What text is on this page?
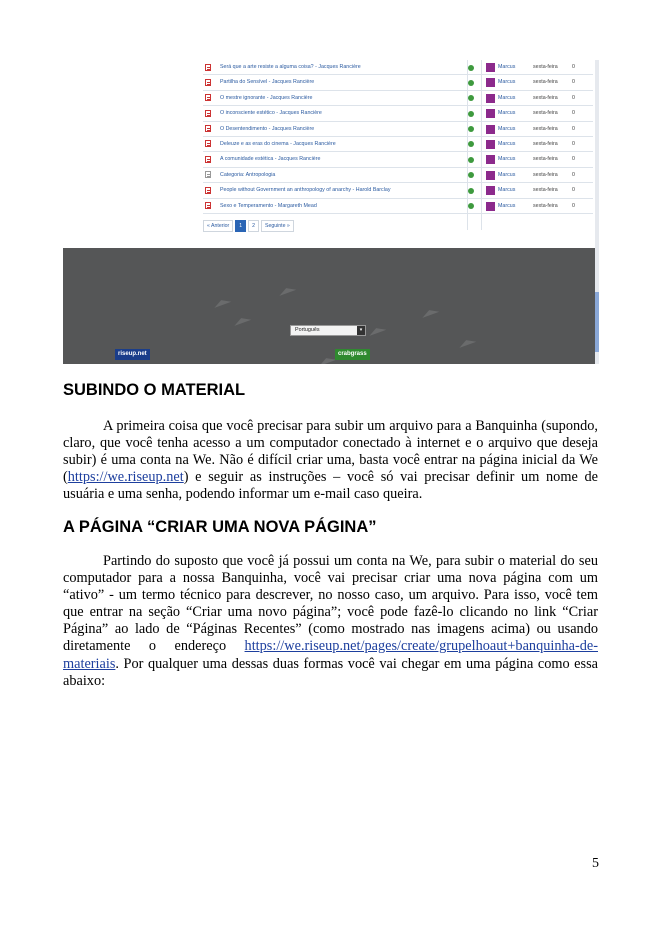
Será que a arte resiste a alguma coisa? - Jacques Rancière	Marcus	sexta-feira	0
Partilha do Sensível - Jacques Rancière	Marcus	sexta-feira	0
O mestre ignorante - Jacques Rancière	Marcus	sexta-feira	0
O inconsciente estético - Jacques Rancière	Marcus	sexta-feira	0
O Desentendimento - Jacques Rancière	Marcus	sexta-feira	0
Deleuze e as eras do cinema - Jacques Rancière	Marcus	sexta-feira	0
A comunidade estética - Jacques Rancière	Marcus	sexta-feira	0
Categoria: Antropologia	Marcus	sexta-feira	0
People without Government an anthropology of anarchy - Harold Barclay	Marcus	sexta-feira	0
Sexo e Temperamento - Margareth Mead	Marcus	sexta-feira	0
« Anterior	1	2	Seguinte »
Português	▾
riseup.net	crabgrass
SUBINDO O MATERIAL

A primeira coisa que você precisar para subir um arquivo para a Banquinha (supondo, claro, que você tenha acesso a um computador conectado à internet e o arquivo que deseja subir) é uma conta na We. Não é difícil criar uma, basta você entrar na página inicial da We (https://we.riseup.net) e seguir as instruções – você só vai precisar definir um nome de usuária e uma senha, podendo informar um e-mail caso queira.

A PÁGINA “CRIAR UMA NOVA PÁGINA”

Partindo do suposto que você já possui um conta na We, para subir o material do seu computador para a nossa Banquinha, você vai precisar criar uma nova página com um “ativo” - um termo técnico para descrever, no nosso caso, um arquivo. Para isso, você tem que entrar na seção “Criar uma novo página”; você pode fazê-lo clicando no link “Criar Página” ao lado de “Páginas Recentes” (como mostrado nas imagens acima) ou usando diretamente o endereço https://we.riseup.net/pages/create/grupelhoaut+banquinha-de-materiais. Por qualquer uma dessas duas formas você vai chegar em uma página como essa abaixo:

5
